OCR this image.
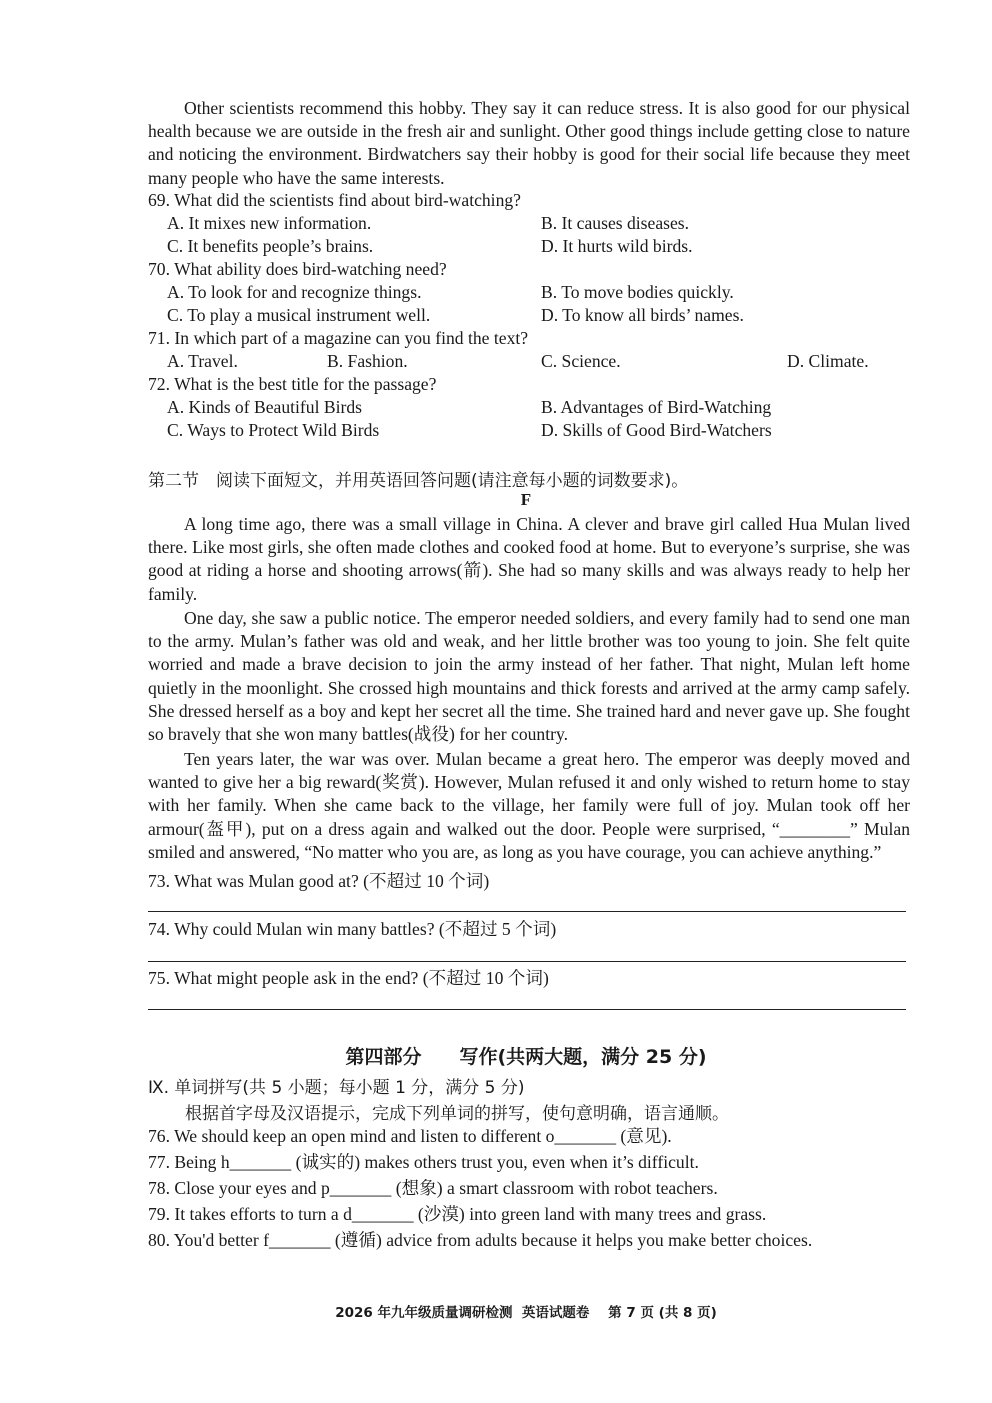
Other scientists recommend this hobby. They say it can reduce stress. It is also good for our physical health because we are outside in the fresh air and sunlight. Other good things include getting close to nature and noticing the environment. Birdwatchers say their hobby is good for their social life because they meet many people who have the same interests.

69. What did the scientists find about bird-watching?
A. It mixes new information.	B. It causes diseases.
C. It benefits people’s brains.	D. It hurts wild birds.
70. What ability does bird-watching need?
A. To look for and recognize things.	B. To move bodies quickly.
C. To play a musical instrument well.	D. To know all birds’ names.
71. In which part of a magazine can you find the text?
A. Travel.	B. Fashion.	C. Science.	D. Climate.
72. What is the best title for the passage?
A. Kinds of Beautiful Birds	B. Advantages of Bird-Watching
C. Ways to Protect Wild Birds	D. Skills of Good Bird-Watchers
第二节　阅读下面短文，并用英语回答问题(请注意每小题的词数要求)。
F

A long time ago, there was a small village in China. A clever and brave girl called Hua Mulan lived there. Like most girls, she often made clothes and cooked food at home. But to everyone’s surprise, she was good at riding a horse and shooting arrows(箭). She had so many skills and was always ready to help her family.

One day, she saw a public notice. The emperor needed soldiers, and every family had to send one man to the army. Mulan’s father was old and weak, and her little brother was too young to join. She felt quite worried and made a brave decision to join the army instead of her father. That night, Mulan left home quietly in the moonlight. She crossed high mountains and thick forests and arrived at the army camp safely. She dressed herself as a boy and kept her secret all the time. She trained hard and never gave up. She fought so bravely that she won many battles(战役) for her country.

Ten years later, the war was over. Mulan became a great hero. The emperor was deeply moved and wanted to give her a big reward(奖赏). However, Mulan refused it and only wished to return home to stay with her family. When she came back to the village, her family were full of joy. Mulan took off her armour(盔甲), put on a dress again and walked out the door. People were surprised, “________” Mulan smiled and answered, “No matter who you are, as long as you have courage, you can achieve anything.”

73. What was Mulan good at? (不超过 10 个词)
74. Why could Mulan win many battles? (不超过 5 个词)
75. What might people ask in the end? (不超过 10 个词)
第四部分　　写作(共两大题，满分 25 分)
Ⅸ. 单词拼写(共 5 小题；每小题 1 分，满分 5 分)
根据首字母及汉语提示，完成下列单词的拼写，使句意明确，语言通顺。
76. We should keep an open mind and listen to different o_______ (意见).
77. Being h_______ (诚实的) makes others trust you, even when it’s difficult.
78. Close your eyes and p_______ (想象) a smart classroom with robot teachers.
79. It takes efforts to turn a d_______ (沙漠) into green land with many trees and grass.
80. You'd better f_______ (遵循) advice from adults because it helps you make better choices.
2026 年九年级质量调研检测  英语试题卷    第 7 页 (共 8 页)
